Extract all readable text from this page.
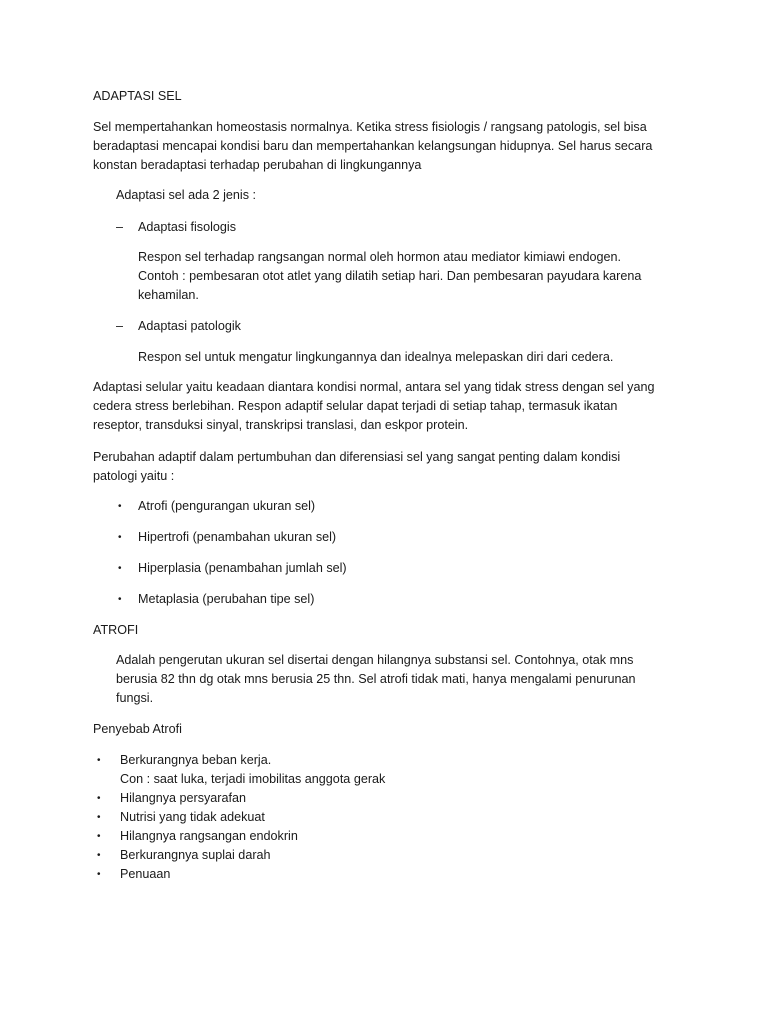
ADAPTASI SEL
Sel mempertahankan homeostasis normalnya. Ketika stress fisiologis / rangsang patologis, sel bisa
beradaptasi mencapai kondisi baru dan mempertahankan kelangsungan hidupnya. Sel harus secara
konstan beradaptasi terhadap perubahan di lingkungannya
Adaptasi sel ada 2 jenis :
– Adaptasi fisologis
Respon sel terhadap rangsangan normal oleh hormon atau mediator kimiawi endogen.
Contoh : pembesaran otot atlet yang dilatih setiap hari. Dan pembesaran payudara karena
kehamilan.
– Adaptasi patologik
Respon sel untuk mengatur lingkungannya dan idealnya melepaskan diri dari cedera.
Adaptasi selular yaitu keadaan diantara kondisi normal, antara sel yang tidak stress dengan sel yang
cedera stress berlebihan. Respon adaptif selular dapat terjadi di setiap tahap, termasuk ikatan
reseptor, transduksi sinyal, transkripsi translasi, dan eskpor protein.
Perubahan adaptif dalam pertumbuhan dan diferensiasi sel yang sangat penting dalam kondisi
patologi yaitu :
• Atrofi (pengurangan ukuran sel)
• Hipertrofi (penambahan ukuran sel)
• Hiperplasia (penambahan jumlah sel)
• Metaplasia (perubahan tipe sel)
ATROFI
Adalah pengerutan ukuran sel disertai dengan hilangnya substansi sel. Contohnya, otak mns
berusia 82 thn dg otak mns berusia 25 thn. Sel atrofi tidak mati, hanya mengalami penurunan
fungsi.
Penyebab Atrofi
• Berkurangnya beban kerja.
Con : saat luka, terjadi imobilitas anggota gerak
• Hilangnya persyarafan
• Nutrisi yang tidak adekuat
• Hilangnya rangsangan endokrin
• Berkurangnya suplai darah
• Penuaan
